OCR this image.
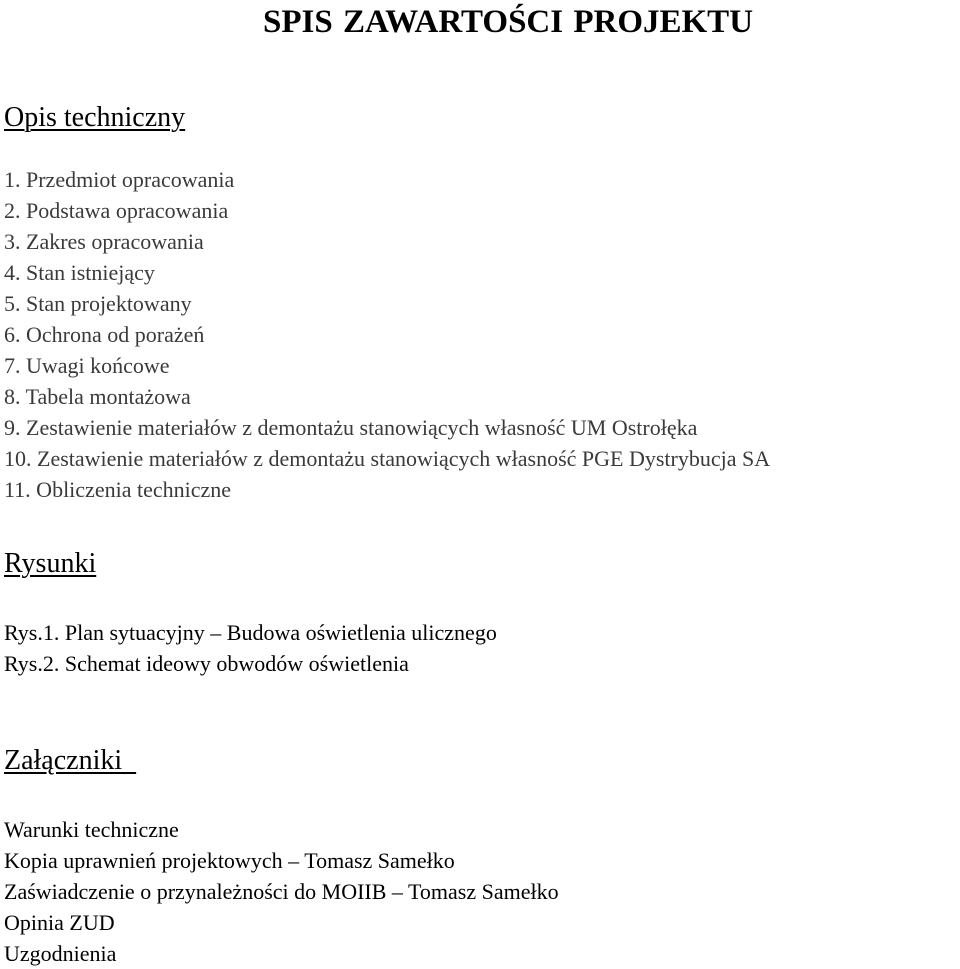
SPIS ZAWARTOŚCI PROJEKTU
Opis techniczny
1. Przedmiot opracowania
2. Podstawa opracowania
3. Zakres opracowania
4. Stan istniejący
5. Stan projektowany
6. Ochrona od porażeń
7. Uwagi końcowe
8. Tabela montażowa
9. Zestawienie materiałów z demontażu stanowiących własność UM Ostrołęka
10. Zestawienie materiałów z demontażu stanowiących własność PGE Dystrybucja SA
11. Obliczenia techniczne
Rysunki
Rys.1. Plan sytuacyjny – Budowa oświetlenia ulicznego
Rys.2. Schemat ideowy obwodów oświetlenia
Załączniki
Warunki techniczne
Kopia uprawnień projektowych – Tomasz Samełko
Zaświadczenie o przynależności do MOIIB – Tomasz Samełko
Opinia ZUD
Uzgodnienia
